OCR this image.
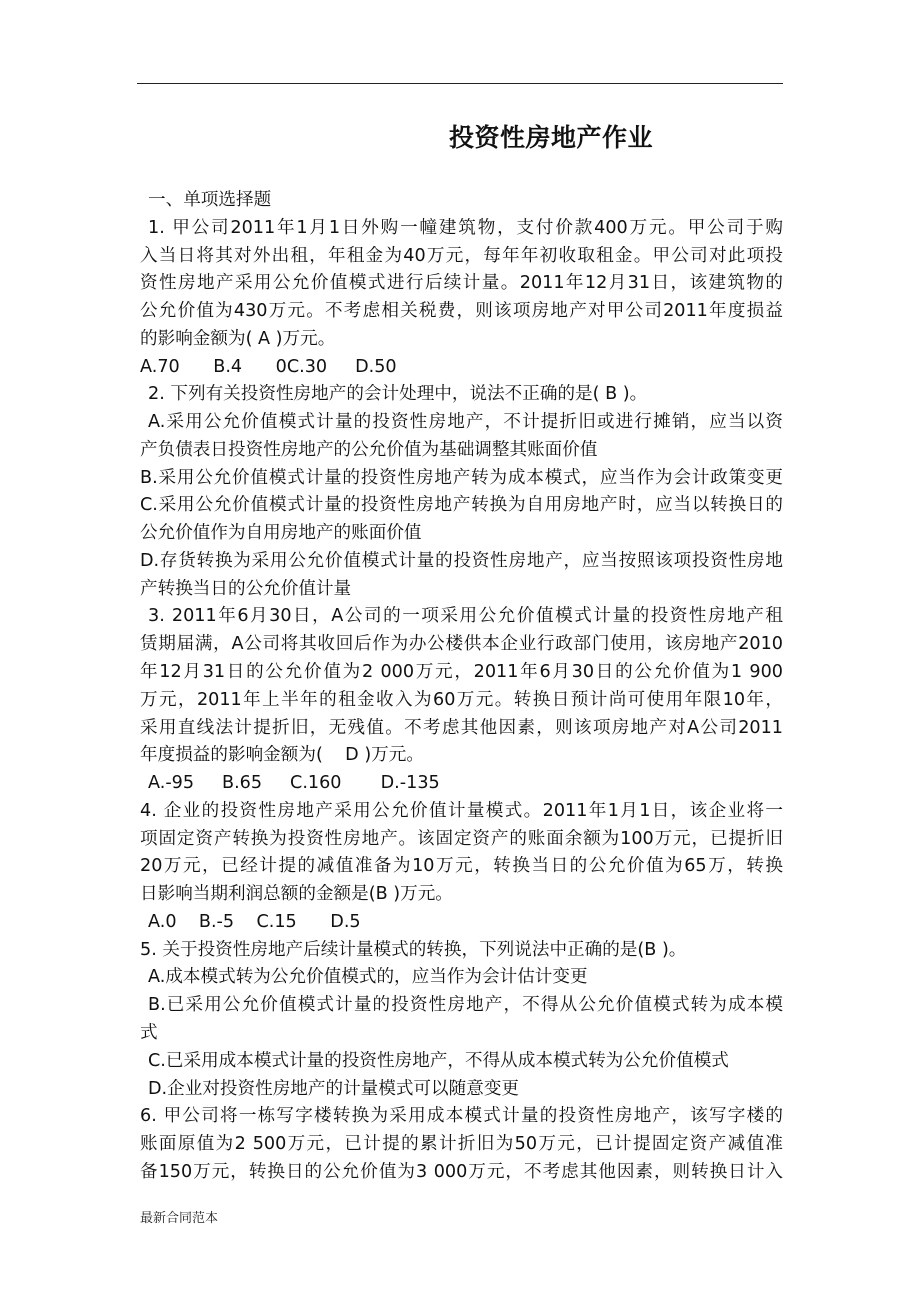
投资性房地产作业
一、单项选择题
1. 甲公司2011年1月1日外购一幢建筑物，支付价款400万元。甲公司于购
入当日将其对外出租，年租金为40万元，每年年初收取租金。甲公司对此项投
资性房地产采用公允价值模式进行后续计量。2011年12月31日，该建筑物的
公允价值为430万元。不考虑相关税费，则该项房地产对甲公司2011年度损益
的影响金额为( A )万元。
A.70      B.4      0C.30     D.50
2. 下列有关投资性房地产的会计处理中，说法不正确的是( B )。
A.采用公允价值模式计量的投资性房地产，不计提折旧或进行摊销，应当以资
产负债表日投资性房地产的公允价值为基础调整其账面价值
B.采用公允价值模式计量的投资性房地产转为成本模式，应当作为会计政策变更
C.采用公允价值模式计量的投资性房地产转换为自用房地产时，应当以转换日的
公允价值作为自用房地产的账面价值
D.存货转换为采用公允价值模式计量的投资性房地产，应当按照该项投资性房地
产转换当日的公允价值计量
3. 2011年6月30日，A公司的一项采用公允价值模式计量的投资性房地产租
赁期届满，A公司将其收回后作为办公楼供本企业行政部门使用，该房地产2010
年12月31日的公允价值为2 000万元，2011年6月30日的公允价值为1 900
万元，2011年上半年的租金收入为60万元。转换日预计尚可使用年限10年，
采用直线法计提折旧，无残值。不考虑其他因素，则该项房地产对A公司2011
年度损益的影响金额为(    D )万元。
A.-95     B.65     C.160       D.-135
4. 企业的投资性房地产采用公允价值计量模式。2011年1月1日，该企业将一
项固定资产转换为投资性房地产。该固定资产的账面余额为100万元，已提折旧
20万元，已经计提的减值准备为10万元，转换当日的公允价值为65万，转换
日影响当期利润总额的金额是(B )万元。
A.0    B.-5    C.15      D.5
5. 关于投资性房地产后续计量模式的转换，下列说法中正确的是(B )。
A.成本模式转为公允价值模式的，应当作为会计估计变更
B.已采用公允价值模式计量的投资性房地产，不得从公允价值模式转为成本模
式
C.已采用成本模式计量的投资性房地产，不得从成本模式转为公允价值模式
D.企业对投资性房地产的计量模式可以随意变更
6. 甲公司将一栋写字楼转换为采用成本模式计量的投资性房地产，该写字楼的
账面原值为2 500万元，已计提的累计折旧为50万元，已计提固定资产减值准
备150万元，转换日的公允价值为3 000万元，不考虑其他因素，则转换日计入
最新合同范本
